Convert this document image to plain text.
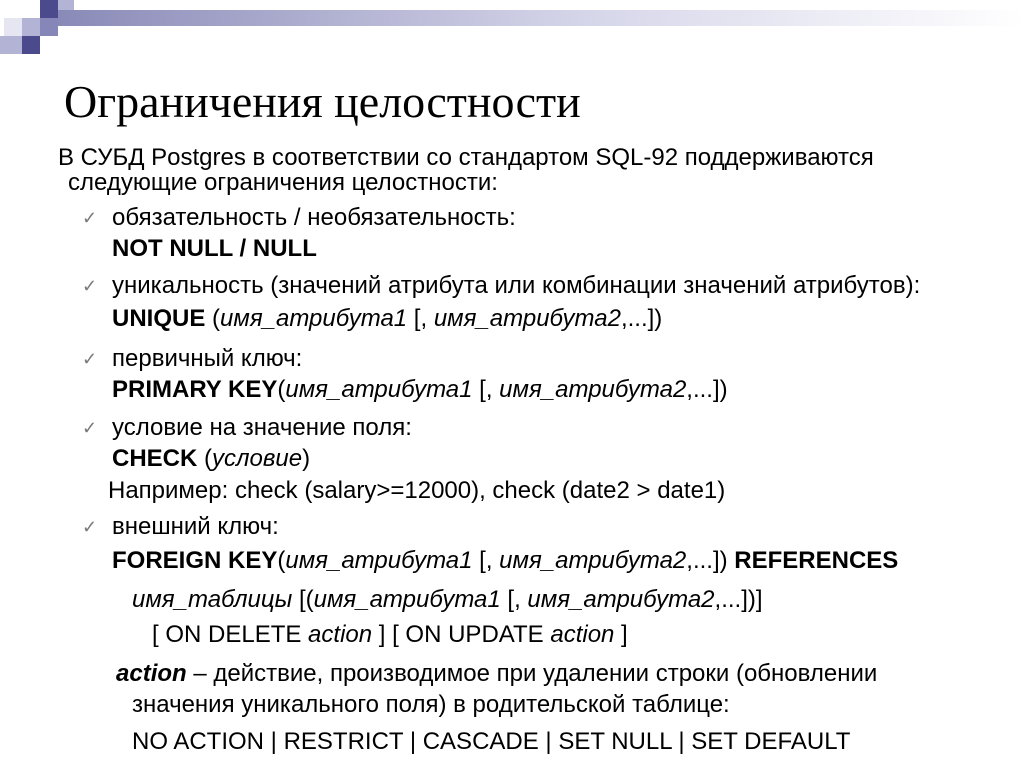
Ограничения целостности
В СУБД Postgres в соответствии со стандартом SQL-92 поддерживаются
следующие ограничения целостности:
✓ обязательность / необязательность:
NOT NULL / NULL
✓ уникальность (значений атрибута или комбинации значений атрибутов):
UNIQUE (имя_атрибута1 [, имя_атрибута2,...])
✓ первичный ключ:
PRIMARY KEY(имя_атрибута1 [, имя_атрибута2,...])
✓ условие на значение поля:
CHECK (условие)
Например: check (salary>=12000), check (date2 > date1)
✓ внешний ключ:
FOREIGN KEY(имя_атрибута1 [, имя_атрибута2,...]) REFERENCES
имя_таблицы [(имя_атрибута1 [, имя_атрибута2,...])]
[ ON DELETE action ] [ ON UPDATE action ]
action – действие, производимое при удалении строки (обновлении
значения уникального поля) в родительской таблице:
NO ACTION | RESTRICT | CASCADE | SET NULL | SET DEFAULT
